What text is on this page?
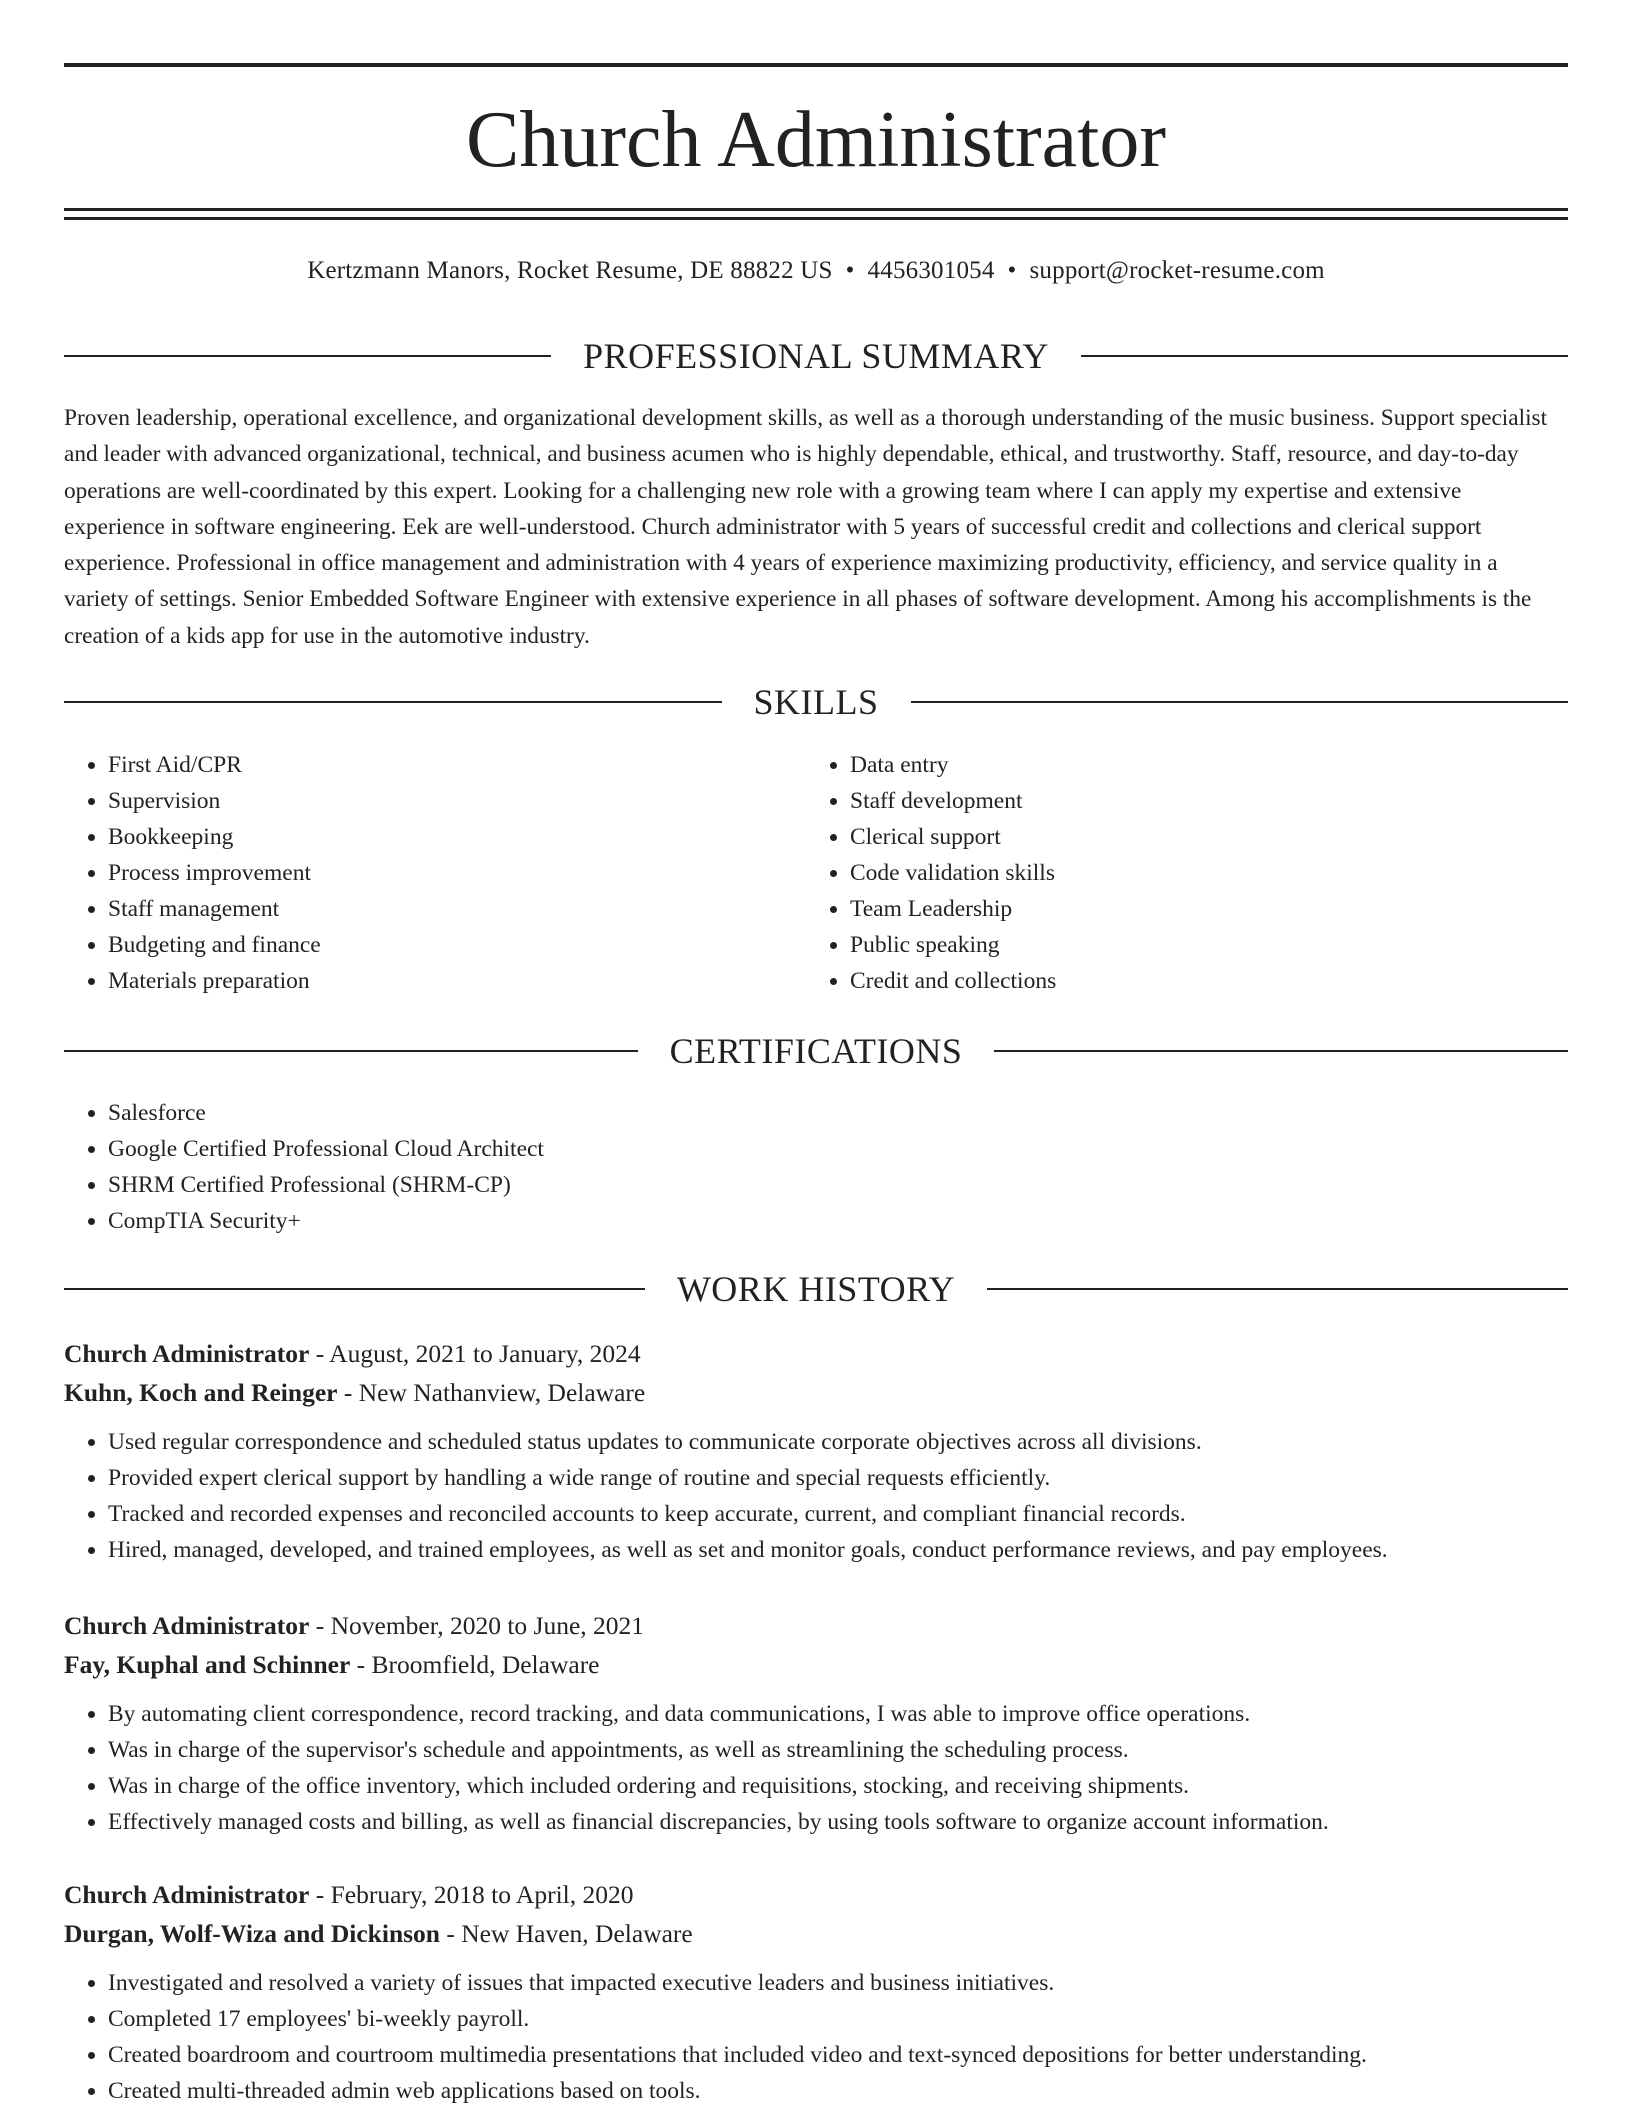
Church Administrator
Kertzmann Manors, Rocket Resume, DE 88822 US • 4456301054 • support@rocket-resume.com
PROFESSIONAL SUMMARY

Proven leadership, operational excellence, and organizational development skills, as well as a thorough understanding of the music business. Support specialist and leader with advanced organizational, technical, and business acumen who is highly dependable, ethical, and trustworthy. Staff, resource, and day-to-day operations are well-coordinated by this expert. Looking for a challenging new role with a growing team where I can apply my expertise and extensive experience in software engineering. Eek are well-understood. Church administrator with 5 years of successful credit and collections and clerical support experience. Professional in office management and administration with 4 years of experience maximizing productivity, efficiency, and service quality in a variety of settings. Senior Embedded Software Engineer with extensive experience in all phases of software development. Among his accomplishments is the creation of a kids app for use in the automotive industry.

SKILLS
• First Aid/CPR
• Supervision
• Bookkeeping
• Process improvement
• Staff management
• Budgeting and finance
• Materials preparation
• Data entry
• Staff development
• Clerical support
• Code validation skills
• Team Leadership
• Public speaking
• Credit and collections
CERTIFICATIONS
• Salesforce
• Google Certified Professional Cloud Architect
• SHRM Certified Professional (SHRM-CP)
• CompTIA Security+
WORK HISTORY
Church Administrator - August, 2021 to January, 2024
Kuhn, Koch and Reinger - New Nathanview, Delaware
• Used regular correspondence and scheduled status updates to communicate corporate objectives across all divisions.
• Provided expert clerical support by handling a wide range of routine and special requests efficiently.
• Tracked and recorded expenses and reconciled accounts to keep accurate, current, and compliant financial records.
• Hired, managed, developed, and trained employees, as well as set and monitor goals, conduct performance reviews, and pay employees.
Church Administrator - November, 2020 to June, 2021
Fay, Kuphal and Schinner - Broomfield, Delaware
• By automating client correspondence, record tracking, and data communications, I was able to improve office operations.
• Was in charge of the supervisor's schedule and appointments, as well as streamlining the scheduling process.
• Was in charge of the office inventory, which included ordering and requisitions, stocking, and receiving shipments.
• Effectively managed costs and billing, as well as financial discrepancies, by using tools software to organize account information.
Church Administrator - February, 2018 to April, 2020
Durgan, Wolf-Wiza and Dickinson - New Haven, Delaware
• Investigated and resolved a variety of issues that impacted executive leaders and business initiatives.
• Completed 17 employees' bi-weekly payroll.
• Created boardroom and courtroom multimedia presentations that included video and text-synced depositions for better understanding.
• Created multi-threaded admin web applications based on tools.
